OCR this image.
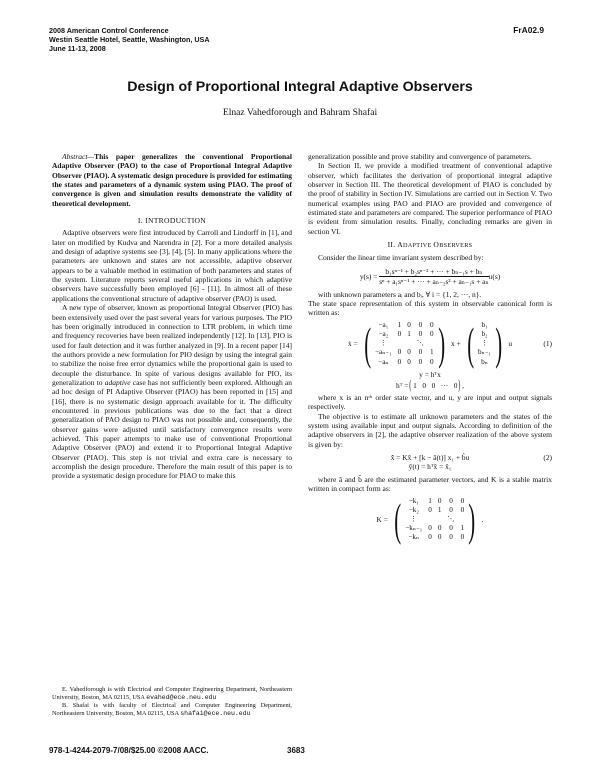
2008 American Control Conference
Westin Seattle Hotel, Seattle, Washington, USA
June 11-13, 2008
FrA02.9
Design of Proportional Integral Adaptive Observers
Elnaz Vahedforough and Bahram Shafai

Abstract—This paper generalizes the conventional Proportional Adaptive Observer (PAO) to the case of Proportional Integral Adaptive Observer (PIAO). A systematic design procedure is provided for estimating the states and parameters of a dynamic system using PIAO. The proof of convergence is given and simulation results demonstrate the validity of theoretical development.

I. INTRODUCTION

Adaptive observers were first introduced by Carroll and Lindorff in [1], and later on modified by Kudva and Narendra in [2]. For a more detailed analysis and design of adaptive systems see [3], [4], [5]. In many applications where the parameters are unknown and states are not accessible, adaptive observer appears to be a valuable method in estimation of both parameters and states of the system. Literature reports several useful applications in which adaptive observers have successfully been employed [6] - [11]. In almost all of these applications the conventional structure of adaptive observer (PAO) is used.

A new type of observer, known as proportional Integral Observer (PIO) has been extensively used over the past several years for various purposes. The PIO has been originally introduced in connection to LTR problem, in which time and frequency recoveries have been realized independently [12]. In [13], PIO is used for fault detection and it was further analyzed in [9]. In a recent paper [14] the authors provide a new formulation for PIO design by using the integral gain to stabilize the noise free error dynamics while the proportional gain is used to decouple the disturbance. In spite of various designs available for PIO, its generalization to adaptive case has not sufficiently been explored. Although an ad hoc design of PI Adaptive Observer (PIAO) has been reported in [15] and [16], there is no systematic design approach available for it. The difficulty encountered in previous publications was due to the fact that a direct generalization of PAO design to PIAO was not possible and, consequently, the observer gains were adjusted until satisfactory convergence results were achieved. This paper attempts to make use of conventional Proportional Adaptive Observer (PAO) and extend it to Proportional Integral Adaptive Observer (PIAO). This step is not trivial and extra care is necessary to accomplish the design procedure. Therefore the main result of this paper is to provide a systematic design procedure for PIAO to make this

E. Vahedforough is with Electrical and Computer Engineering Department, Northeastern University, Boston, MA 02115, USA evahed@ece.neu.edu
B. Shafai is with faculty of Electrical and Computer Engineering Department, Northeastern University, Boston, MA 02115, USA shafai@ece.neu.edu

generalization possible and prove stability and convergence of parameters.

In Section II, we provide a modified treatment of conventional adaptive observer, which facilitates the derivation of proportional integral adaptive observer in Section III. The theoretical development of PIAO is concluded by the proof of stability in Section IV. Simulations are carried out in Section V. Two numerical examples using PAO and PIAO are provided and convergence of estimated state and parameters are compared. The superior performance of PIAO is evident from simulation results. Finally, concluding remarks are given in section VI.

II. ADAPTIVE OBSERVERS

Consider the linear time invariant system described by:

y(s) =
$\frac{\text{b₁sⁿ⁻¹ + b₂sⁿ⁻² + ··· + bₙ₋₁s + bₙ}}{\text{sⁿ + a₁sⁿ⁻¹ + ··· + aₙ₋₂s² + aₙ₋₁s + aₙ}} u(s)$

with unknown parameters aᵢ and bᵢ, ∀ i = {1, 2, ···, n}.

The state space representation of this system in observable canonical form is written as:

ẋ = (	−a₁	1 0 0 0
−a₂	0 1 0 0
⋮	⋱
−aₙ₋₁ 0 0 0 1
−aₙ	0 0 0 0 ) x + (	b₁
b₂
⋮
bₙ₋₁
bₙ ) u	(1)
y = hᵀx
hᵀ = ( 1   0   0   ···   0 ) ,

where x is an nᵗʰ order state vector, and u, y are input and output signals respectively.

The objective is to estimate all unknown parameters and the states of the system using available input and output signals. According to definition of the adaptive observers in [2], the adaptive observer realization of the above system is given by:

x̂̇ = Kx̂ + [k − â(t)] x₁ + b̂u
ŷ(t) = hᵀx̂ = x̂₁
(2)

where â and b̂ are the estimated parameter vectors, and K is a stable matrix written in compact form as:

K = (	−k₁	1 0 0 0
−k₂	0 1 0 0
⋮	⋱
−kₙ₋₁ 0 0 0 1
−kₙ	0 0 0 0 ) .
978-1-4244-2079-7/08/$25.00 ©2008 AACC.	3683
